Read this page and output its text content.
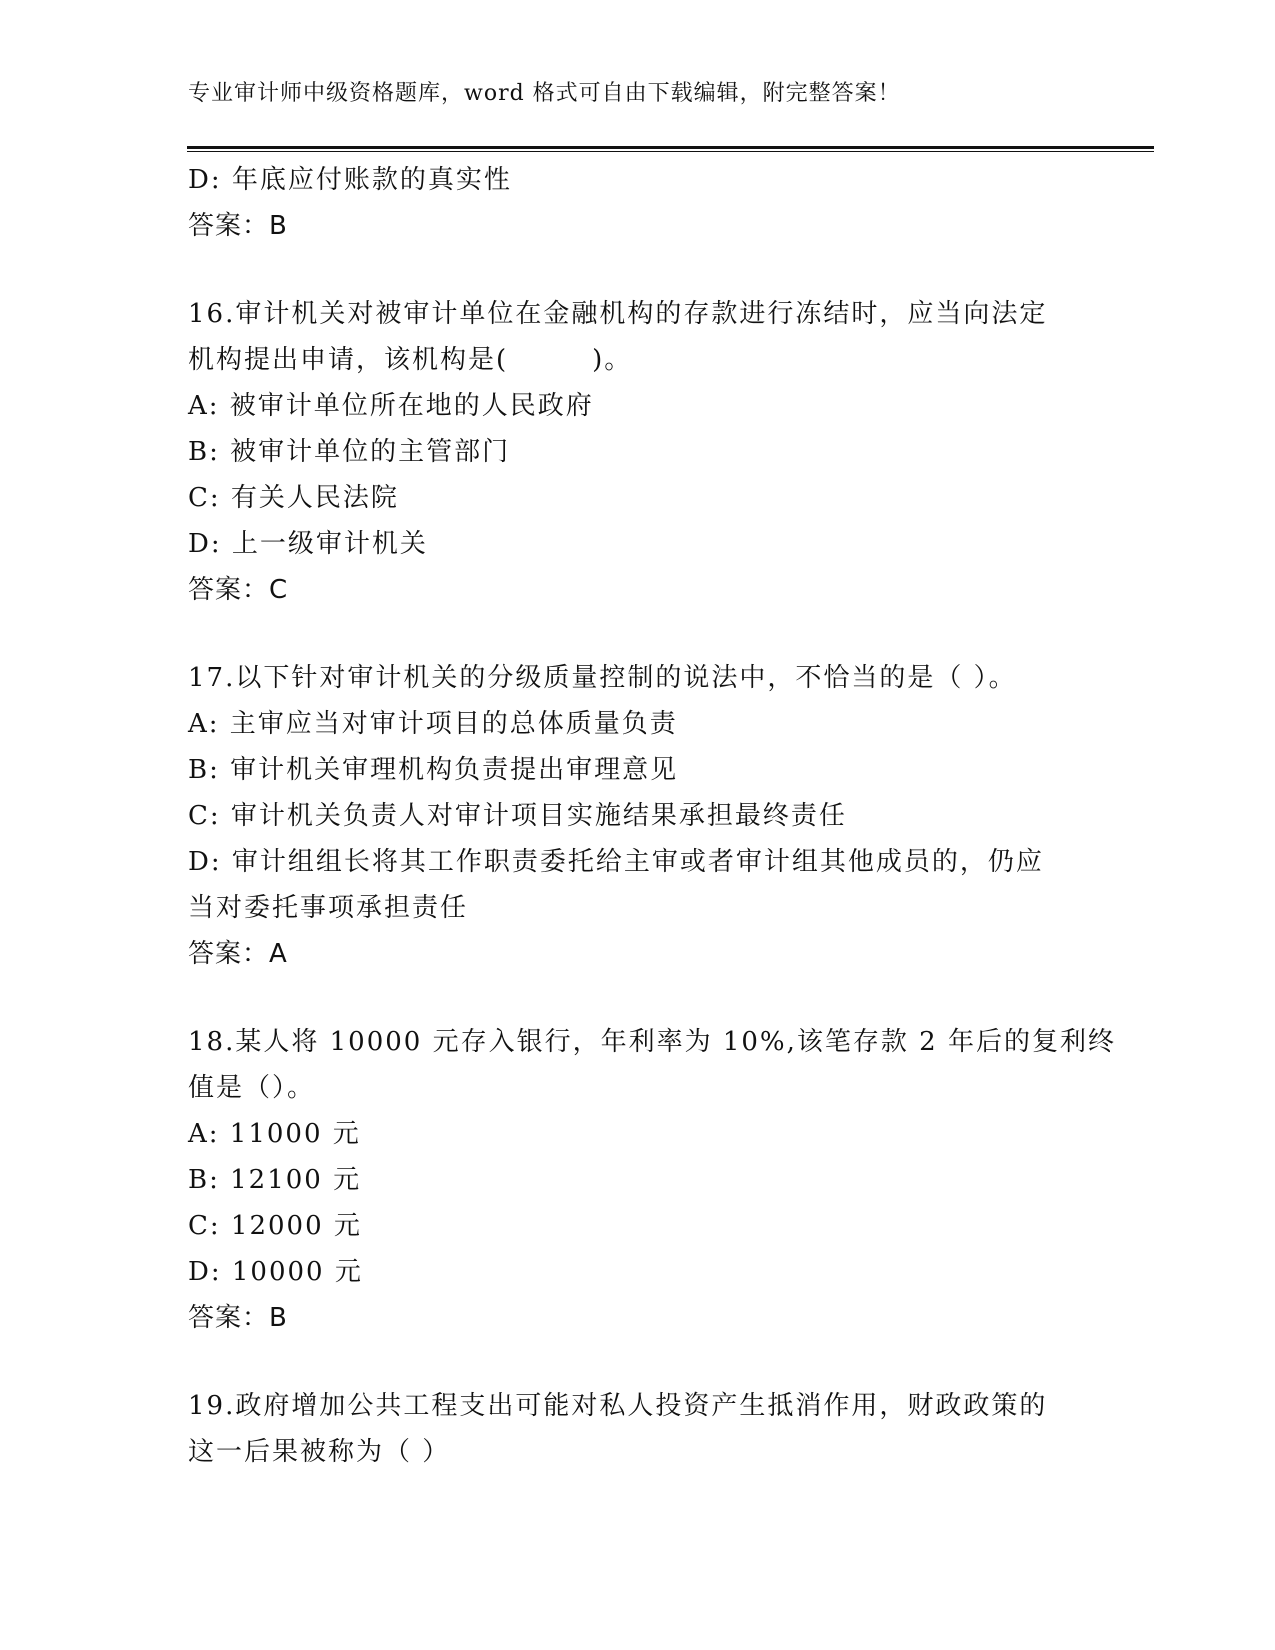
专业审计师中级资格题库，word 格式可自由下载编辑，附完整答案！
D: 年底应付账款的真实性
答案：B
16.审计机关对被审计单位在金融机构的存款进行冻结时，应当向法定
机构提出申请，该机构是(　　　)。
A: 被审计单位所在地的人民政府
B: 被审计单位的主管部门
C: 有关人民法院
D: 上一级审计机关
答案：C
17.以下针对审计机关的分级质量控制的说法中，不恰当的是（ ）。
A: 主审应当对审计项目的总体质量负责
B: 审计机关审理机构负责提出审理意见
C: 审计机关负责人对审计项目实施结果承担最终责任
D: 审计组组长将其工作职责委托给主审或者审计组其他成员的，仍应
当对委托事项承担责任
答案：A
18.某人将 10000 元存入银行，年利率为 10%,该笔存款 2 年后的复利终
值是（）。
A: 11000 元
B: 12100 元
C: 12000 元
D: 10000 元
答案：B
19.政府增加公共工程支出可能对私人投资产生抵消作用，财政政策的
这一后果被称为（ ）
